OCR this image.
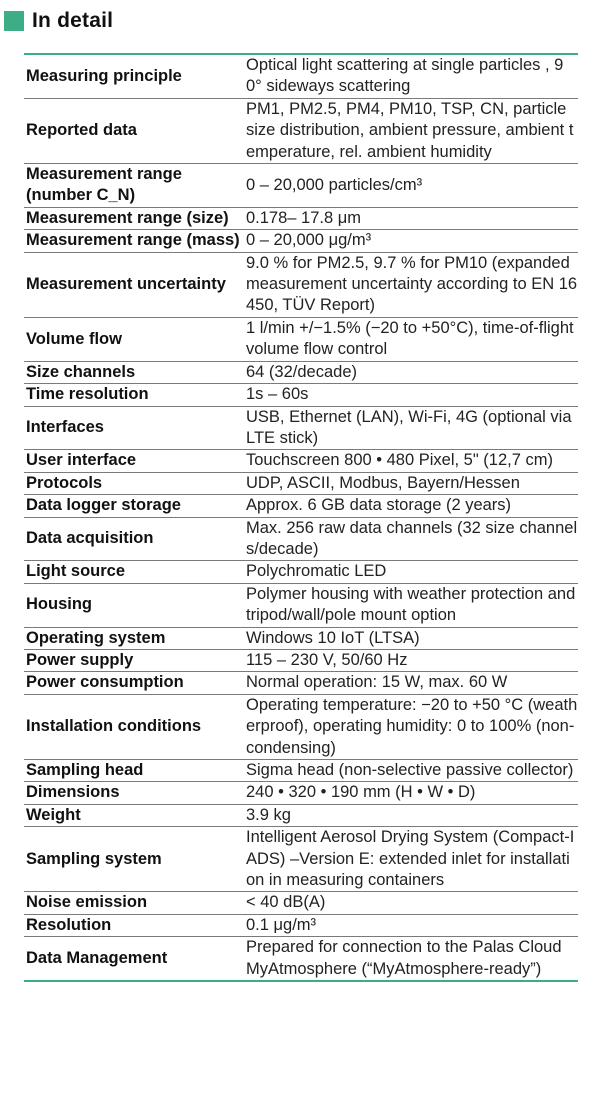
In detail
Measuring principle	Optical light scattering at single particles , 90° sideways scattering
Reported data	PM1, PM2.5, PM4, PM10, TSP, CN, particle size distribution, ambient pressure, ambient temperature, rel. ambient humidity
Measurement range (number C_N)	0 – 20,000 particles/cm³
Measurement range (size)	0.178– 17.8 μm
Measurement range (mass)	0 – 20,000 μg/m³
Measurement uncertainty	9.0 % for PM2.5, 9.7 % for PM10 (expanded measurement uncertainty according to EN 16450, TÜV Report)
Volume flow	1 l/min +/−1.5% (−20 to +50°C), time-of-flight volume flow control
Size channels	64 (32/decade)
Time resolution	1s – 60s
Interfaces	USB, Ethernet (LAN), Wi-Fi, 4G (optional via LTE stick)
User interface	Touchscreen 800 • 480 Pixel, 5" (12,7 cm)
Protocols	UDP, ASCII, Modbus, Bayern/Hessen
Data logger storage	Approx. 6 GB data storage (2 years)
Data acquisition	Max. 256 raw data channels (32 size channels/decade)
Light source	Polychromatic LED
Housing	Polymer housing with weather protection and tripod/wall/pole mount option
Operating system	Windows 10 IoT (LTSA)
Power supply	115 – 230 V, 50/60 Hz
Power consumption	Normal operation: 15 W, max. 60 W
Installation conditions	Operating temperature: −20 to +50 °C (weatherproof), operating humidity: 0 to 100% (non-condensing)
Sampling head	Sigma head (non-selective passive collector)
Dimensions	240 • 320 • 190 mm (H • W • D)
Weight	3.9 kg
Sampling system	Intelligent Aerosol Drying System (Compact-IADS) –Version E: extended inlet for installation in measuring containers
Noise emission	< 40 dB(A)
Resolution	0.1 μg/m³
Data Management	Prepared for connection to the Palas Cloud MyAtmosphere (“MyAtmosphere-ready”)
